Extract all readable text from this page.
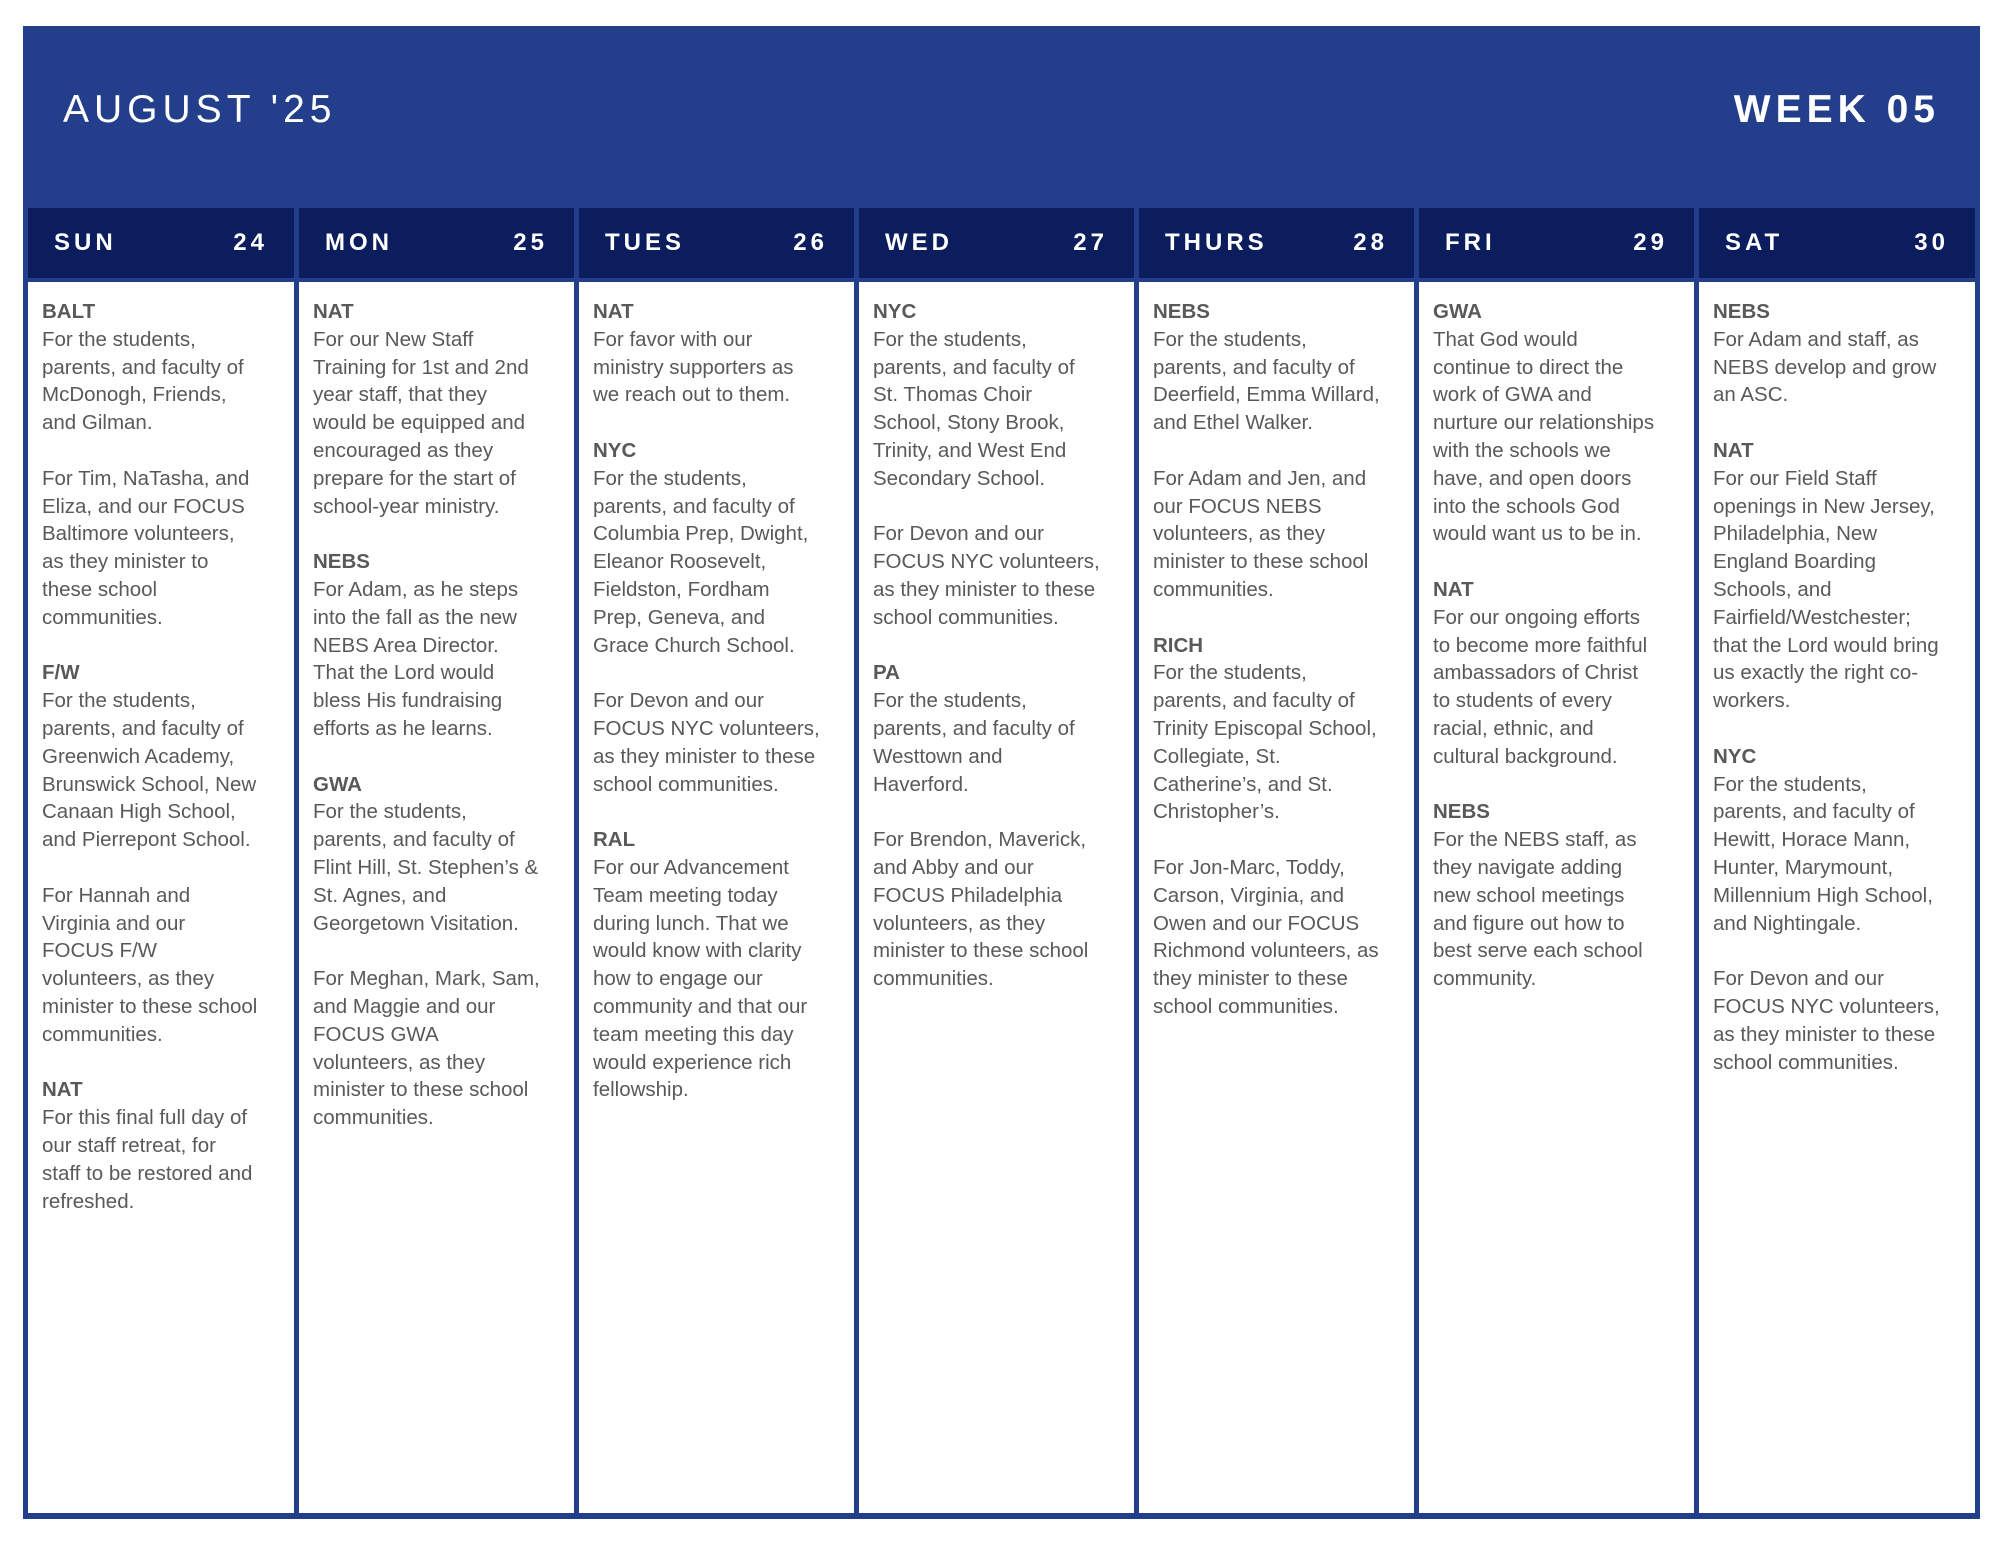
AUGUST '25	WEEK 05
SUN	24
BALT
For the students,
parents, and faculty of
McDonogh, Friends,
and Gilman.
For Tim, NaTasha, and
Eliza, and our FOCUS
Baltimore volunteers,
as they minister to
these school
communities.
F/W
For the students,
parents, and faculty of
Greenwich Academy,
Brunswick School, New
Canaan High School,
and Pierrepont School.
For Hannah and
Virginia and our
FOCUS F/W
volunteers, as they
minister to these school
communities.
NAT
For this final full day of
our staff retreat, for
staff to be restored and
refreshed.
MON	25
NAT
For our New Staff
Training for 1st and 2nd
year staff, that they
would be equipped and
encouraged as they
prepare for the start of
school-year ministry.
NEBS
For Adam, as he steps
into the fall as the new
NEBS Area Director.
That the Lord would
bless His fundraising
efforts as he learns.
GWA
For the students,
parents, and faculty of
Flint Hill, St. Stephen’s &
St. Agnes, and
Georgetown Visitation.
For Meghan, Mark, Sam,
and Maggie and our
FOCUS GWA
volunteers, as they
minister to these school
communities.
TUES	26
NAT
For favor with our
ministry supporters as
we reach out to them.
NYC
For the students,
parents, and faculty of
Columbia Prep, Dwight,
Eleanor Roosevelt,
Fieldston, Fordham
Prep, Geneva, and
Grace Church School.
For Devon and our
FOCUS NYC volunteers,
as they minister to these
school communities.
RAL
For our Advancement
Team meeting today
during lunch. That we
would know with clarity
how to engage our
community and that our
team meeting this day
would experience rich
fellowship.
WED	27
NYC
For the students,
parents, and faculty of
St. Thomas Choir
School, Stony Brook,
Trinity, and West End
Secondary School.
For Devon and our
FOCUS NYC volunteers,
as they minister to these
school communities.
PA
For the students,
parents, and faculty of
Westtown and
Haverford.
For Brendon, Maverick,
and Abby and our
FOCUS Philadelphia
volunteers, as they
minister to these school
communities.
THURS	28
NEBS
For the students,
parents, and faculty of
Deerfield, Emma Willard,
and Ethel Walker.
For Adam and Jen, and
our FOCUS NEBS
volunteers, as they
minister to these school
communities.
RICH
For the students,
parents, and faculty of
Trinity Episcopal School,
Collegiate, St.
Catherine’s, and St.
Christopher’s.
For Jon-Marc, Toddy,
Carson, Virginia, and
Owen and our FOCUS
Richmond volunteers, as
they minister to these
school communities.
FRI	29
GWA
That God would
continue to direct the
work of GWA and
nurture our relationships
with the schools we
have, and open doors
into the schools God
would want us to be in.
NAT
For our ongoing efforts
to become more faithful
ambassadors of Christ
to students of every
racial, ethnic, and
cultural background.
NEBS
For the NEBS staff, as
they navigate adding
new school meetings
and figure out how to
best serve each school
community.
SAT	30
NEBS
For Adam and staff, as
NEBS develop and grow
an ASC.
NAT
For our Field Staff
openings in New Jersey,
Philadelphia, New
England Boarding
Schools, and
Fairfield/Westchester;
that the Lord would bring
us exactly the right co-
workers.
NYC
For the students,
parents, and faculty of
Hewitt, Horace Mann,
Hunter, Marymount,
Millennium High School,
and Nightingale.
For Devon and our
FOCUS NYC volunteers,
as they minister to these
school communities.
